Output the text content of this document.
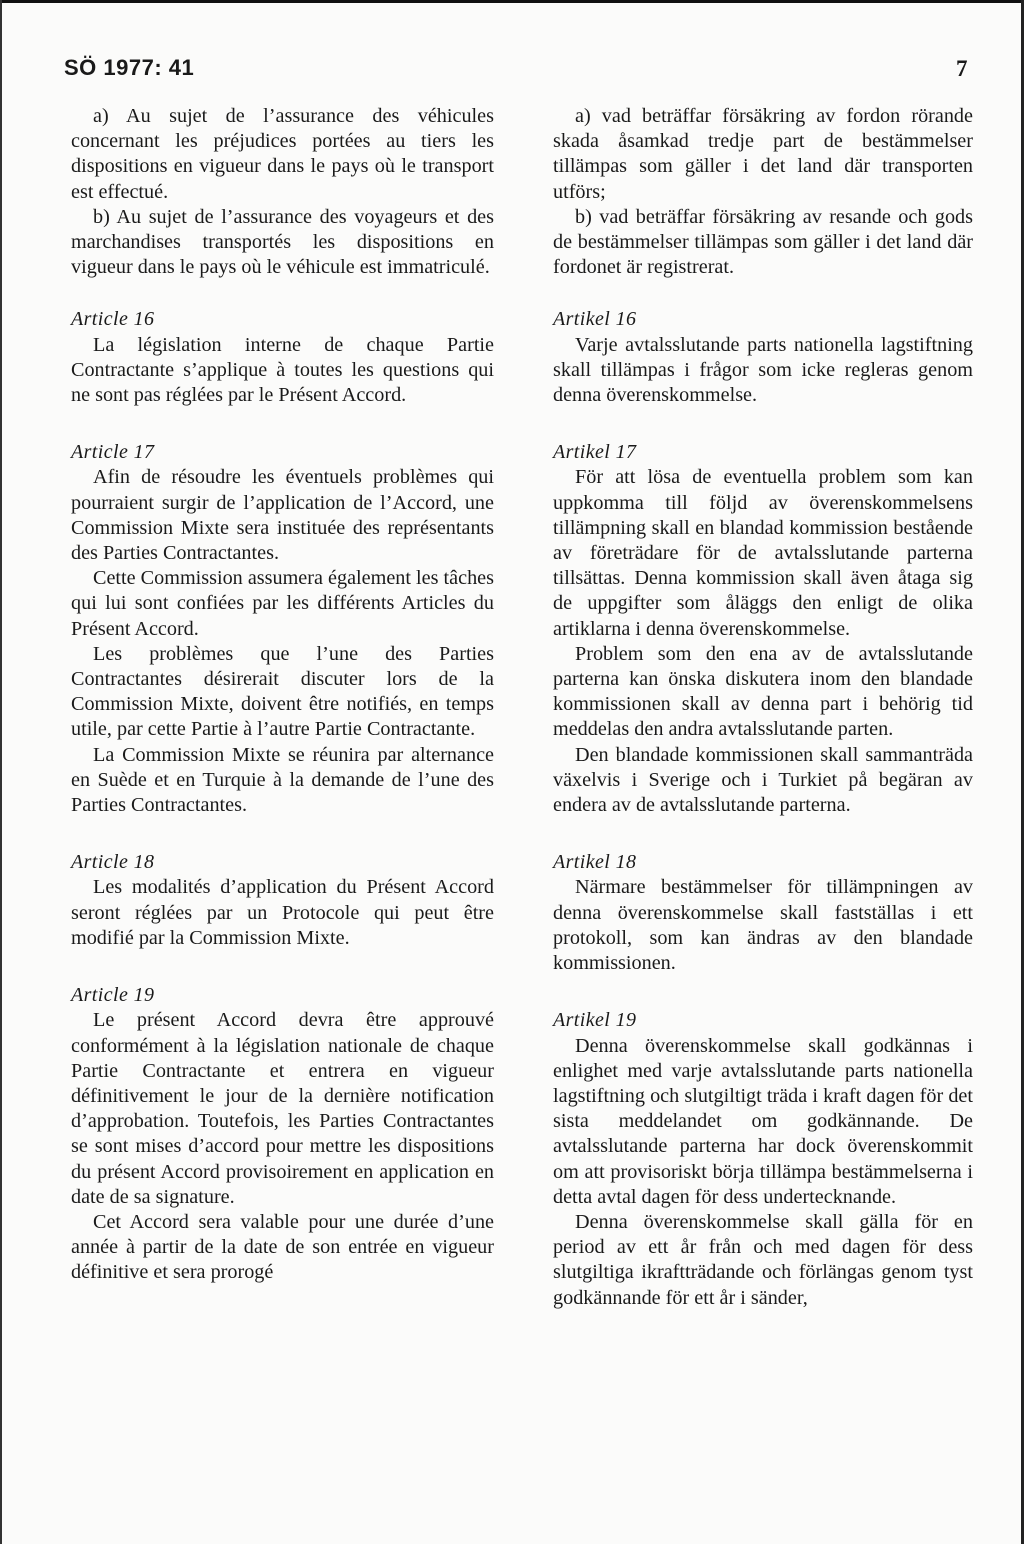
SÖ 1977: 41	7

a) Au sujet de l’assurance des véhicules concernant les préjudices portées au tiers les dispositions en vigueur dans le pays où le transport est effectué.

b) Au sujet de l’assurance des voyageurs et des marchandises transportés les dispositions en vigueur dans le pays où le véhicule est immatriculé.

Article 16

La législation interne de chaque Partie Contractante s’applique à toutes les questions qui ne sont pas réglées par le Présent Accord.

Article 17

Afin de résoudre les éventuels problèmes qui pourraient surgir de l’application de l’Accord, une Commission Mixte sera instituée des représentants des Parties Contractantes.

Cette Commission assumera également les tâches qui lui sont confiées par les différents Articles du Présent Accord.

Les problèmes que l’une des Parties Contractantes désirerait discuter lors de la Commission Mixte, doivent être notifiés, en temps utile, par cette Partie à l’autre Partie Contractante.

La Commission Mixte se réunira par alternance en Suède et en Turquie à la demande de l’une des Parties Contractantes.

Article 18

Les modalités d’application du Présent Accord seront réglées par un Protocole qui peut être modifié par la Commission Mixte.

Article 19

Le présent Accord devra être approuvé conformément à la législation nationale de chaque Partie Contractante et entrera en vigueur définitivement le jour de la dernière notification d’approbation. Toutefois, les Parties Contractantes se sont mises d’accord pour mettre les dispositions du présent Accord provisoirement en application en date de sa signature.

Cet Accord sera valable pour une durée d’une année à partir de la date de son entrée en vigueur définitive et sera prorogé

a) vad beträffar försäkring av fordon rörande skada åsamkad tredje part de bestämmelser tillämpas som gäller i det land där transporten utförs;

b) vad beträffar försäkring av resande och gods de bestämmelser tillämpas som gäller i det land där fordonet är registrerat.

Artikel 16

Varje avtalsslutande parts nationella lagstiftning skall tillämpas i frågor som icke regleras genom denna överenskommelse.

Artikel 17

För att lösa de eventuella problem som kan uppkomma till följd av överenskommelsens tillämpning skall en blandad kommission bestående av företrädare för de avtalsslutande parterna tillsättas. Denna kommission skall även åtaga sig de uppgifter som åläggs den enligt de olika artiklarna i denna överenskommelse.

Problem som den ena av de avtalsslutande parterna kan önska diskutera inom den blandade kommissionen skall av denna part i behörig tid meddelas den andra avtalsslutande parten.

Den blandade kommissionen skall sammanträda växelvis i Sverige och i Turkiet på begäran av endera av de avtalsslutande parterna.

Artikel 18

Närmare bestämmelser för tillämpningen av denna överenskommelse skall fastställas i ett protokoll, som kan ändras av den blandade kommissionen.

Artikel 19

Denna överenskommelse skall godkännas i enlighet med varje avtalsslutande parts nationella lagstiftning och slutgiltigt träda i kraft dagen för det sista meddelandet om godkännande. De avtalsslutande parterna har dock överenskommit om att provisoriskt börja tillämpa bestämmelserna i detta avtal dagen för dess undertecknande.

Denna överenskommelse skall gälla för en period av ett år från och med dagen för dess slutgiltiga ikraftträdande och förlängas genom tyst godkännande för ett år i sänder,
